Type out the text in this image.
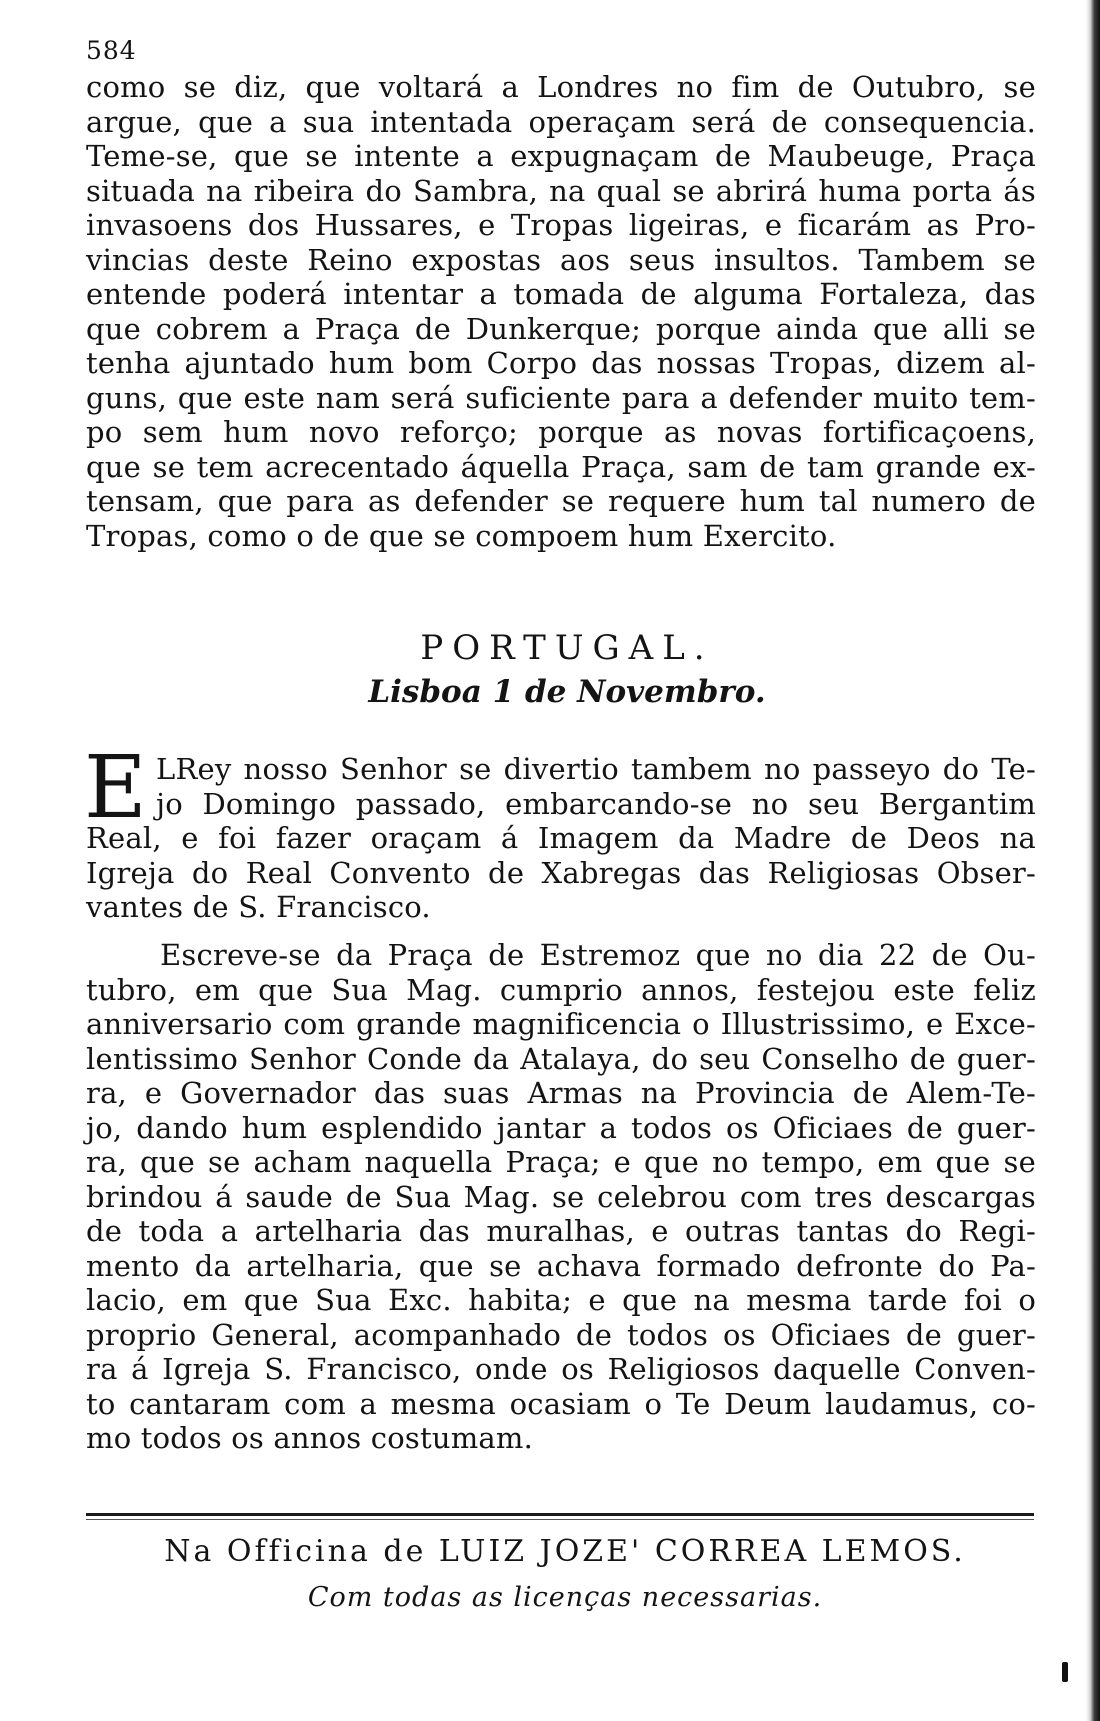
584
como se diz, que voltará a Londres no fim de Outubro, se
argue, que a sua intentada operaçam será de consequencia.
Teme-se, que se intente a expugnaçam de Maubeuge, Praça
situada na ribeira do Sambra, na qual se abrirá huma porta ás
invasoens dos Hussares, e Tropas ligeiras, e ficarám as Pro-
vincias deste Reino expostas aos seus insultos. Tambem se
entende poderá intentar a tomada de alguma Fortaleza, das
que cobrem a Praça de Dunkerque; porque ainda que alli se
tenha ajuntado hum bom Corpo das nossas Tropas, dizem al-
guns, que este nam será suficiente para a defender muito tem-
po sem hum novo reforço; porque as novas fortificaçoens,
que se tem acrecentado áquella Praça, sam de tam grande ex-
tensam, que para as defender se requere hum tal numero de
Tropas, como o de que se compoem hum Exercito.
PORTUGAL.
Lisboa 1 de Novembro.
E LRey nosso Senhor se divertio tambem no passeyo do Te-
jo Domingo passado, embarcando-se no seu Bergantim
Real, e foi fazer oraçam á Imagem da Madre de Deos na
Igreja do Real Convento de Xabregas das Religiosas Obser-
vantes de S. Francisco.
Escreve-se da Praça de Estremoz que no dia 22 de Ou-
tubro, em que Sua Mag. cumprio annos, festejou este feliz
anniversario com grande magnificencia o Illustrissimo, e Exce-
lentissimo Senhor Conde da Atalaya, do seu Conselho de guer-
ra, e Governador das suas Armas na Provincia de Alem-Te-
jo, dando hum esplendido jantar a todos os Oficiaes de guer-
ra, que se acham naquella Praça; e que no tempo, em que se
brindou á saude de Sua Mag. se celebrou com tres descargas
de toda a artelharia das muralhas, e outras tantas do Regi-
mento da artelharia, que se achava formado defronte do Pa-
lacio, em que Sua Exc. habita; e que na mesma tarde foi o
proprio General, acompanhado de todos os Oficiaes de guer-
ra á Igreja S. Francisco, onde os Religiosos daquelle Conven-
to cantaram com a mesma ocasiam o Te Deum laudamus, co-
mo todos os annos costumam.
Na Officina de LUIZ JOZE' CORREA LEMOS.
Com todas as licenças necessarias.
